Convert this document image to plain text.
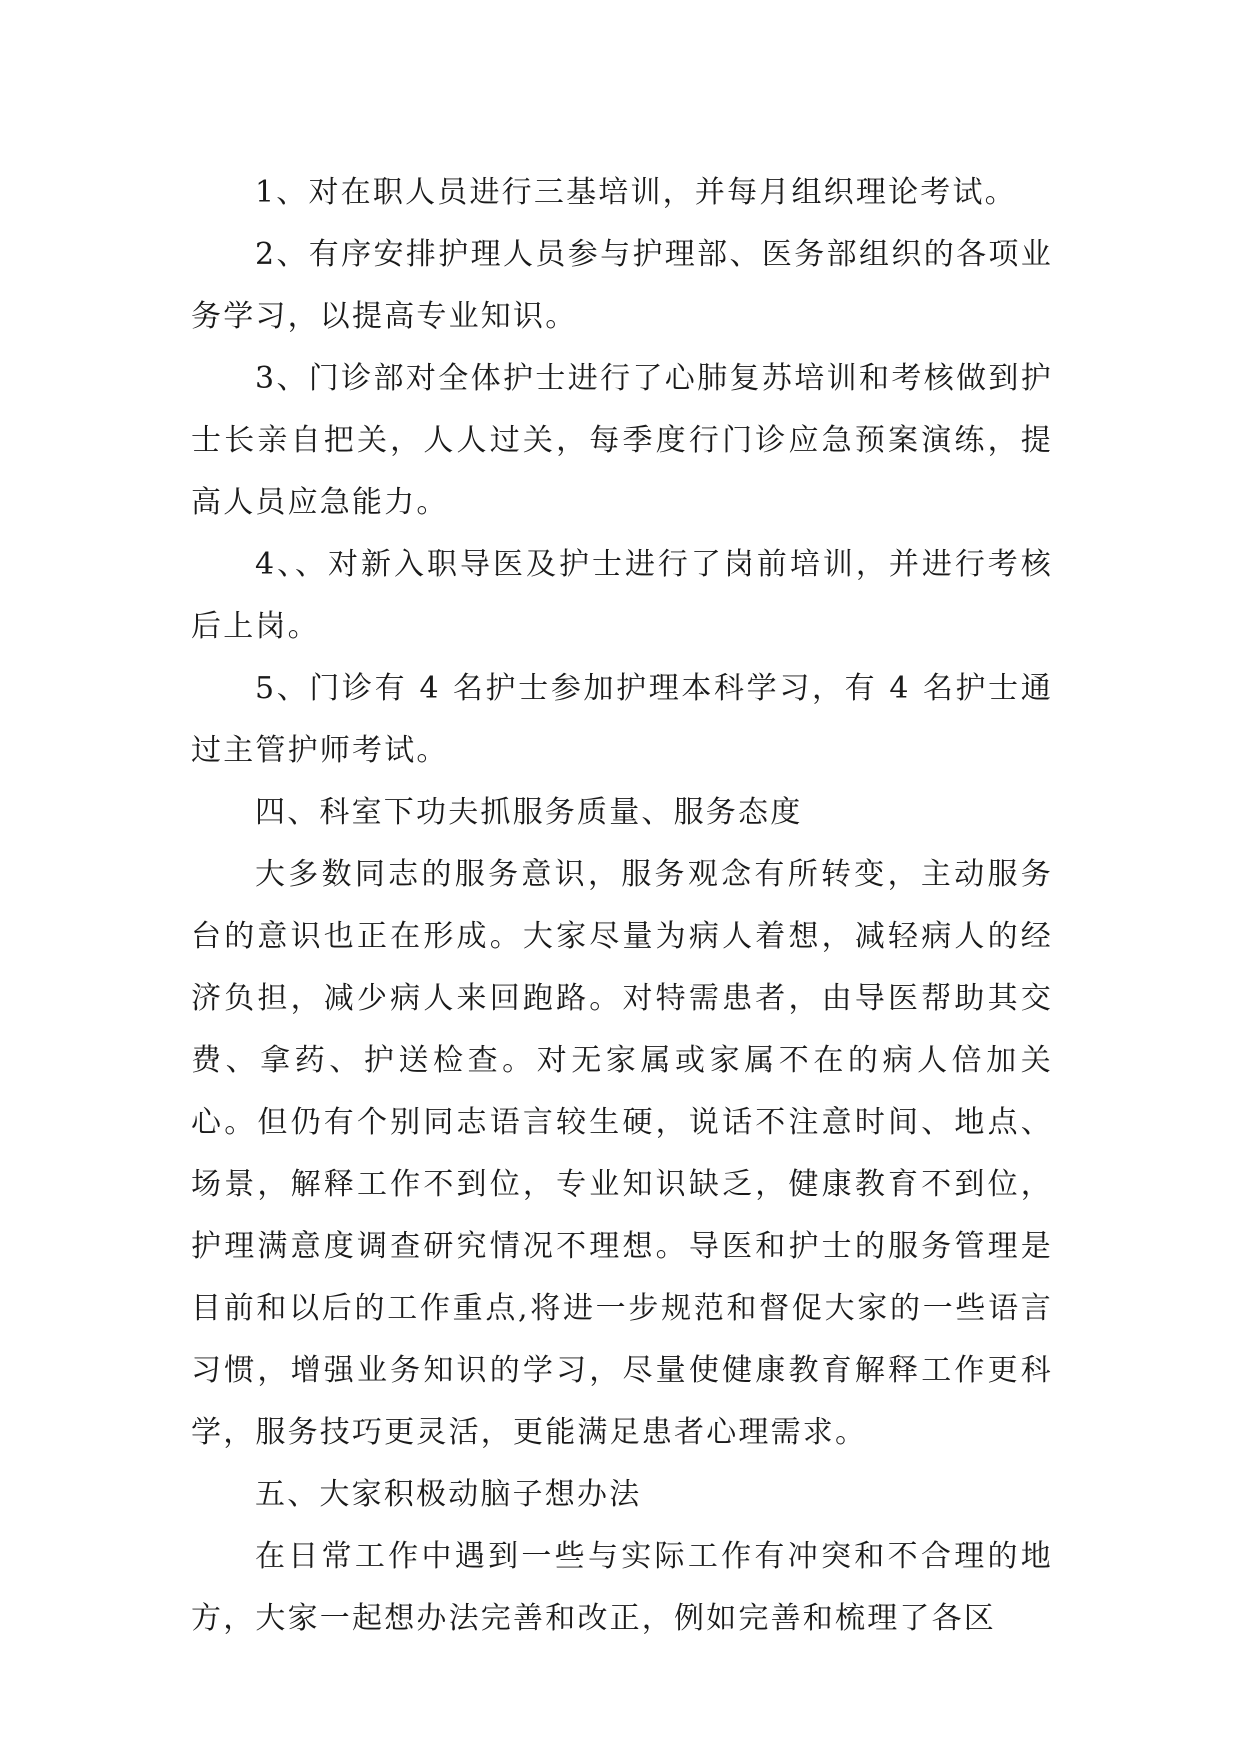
1、对在职人员进行三基培训，并每月组织理论考试。

2、有序安排护理人员参与护理部、医务部组织的各项业务学习，以提高专业知识。

3、门诊部对全体护士进行了心肺复苏培训和考核做到护士长亲自把关，人人过关，每季度行门诊应急预案演练，提高人员应急能力。

4、、对新入职导医及护士进行了岗前培训，并进行考核后上岗。

5、门诊有 4 名护士参加护理本科学习，有 4 名护士通过主管护师考试。

四、科室下功夫抓服务质量、服务态度

大多数同志的服务意识，服务观念有所转变，主动服务台的意识也正在形成。大家尽量为病人着想，减轻病人的经济负担，减少病人来回跑路。对特需患者，由导医帮助其交费、拿药、护送检查。对无家属或家属不在的病人倍加关心。但仍有个别同志语言较生硬，说话不注意时间、地点、场景，解释工作不到位，专业知识缺乏，健康教育不到位，护理满意度调查研究情况不理想。导医和护士的服务管理是目前和以后的工作重点,将进一步规范和督促大家的一些语言习惯，增强业务知识的学习，尽量使健康教育解释工作更科学，服务技巧更灵活，更能满足患者心理需求。

五、大家积极动脑子想办法

在日常工作中遇到一些与实际工作有冲突和不合理的地方，大家一起想办法完善和改正，例如完善和梳理了各区
